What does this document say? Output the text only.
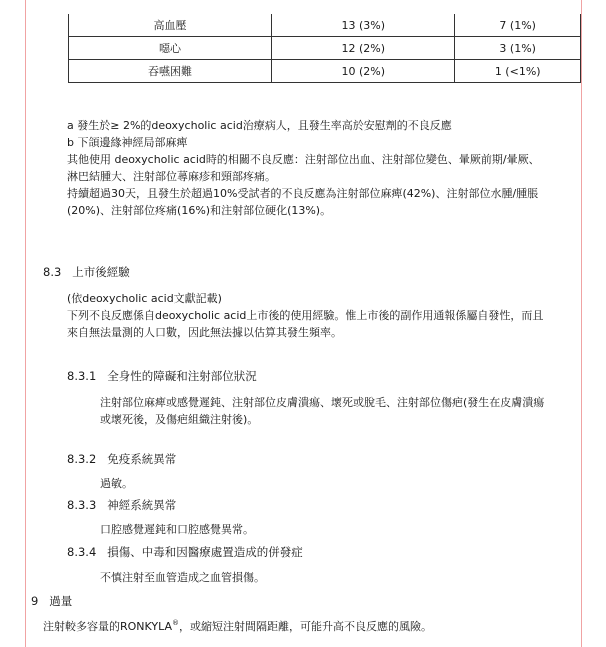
高血壓	13 (3%)	7 (1%)
噁心	12 (2%)	3 (1%)
吞嚥困難	10 (2%)	1 (<1%)
a 發生於≥ 2%的deoxycholic acid治療病人，且發生率高於安慰劑的不良反應
b 下頜邊緣神經局部麻痺
其他使用 deoxycholic acid時的相關不良反應：注射部位出血、注射部位變色、暈厥前期/暈厥、
淋巴結腫大、注射部位蕁麻疹和頸部疼痛。
持續超過30天，且發生於超過10%受試者的不良反應為注射部位麻痺(42%)、注射部位水腫/腫脹
(20%)、注射部位疼痛(16%)和注射部位硬化(13%)。
8.3 上市後經驗
(依deoxycholic acid文獻記載)
下列不良反應係自deoxycholic acid上市後的使用經驗。惟上市後的副作用通報係屬自發性，而且
來自無法量測的人口數，因此無法據以估算其發生頻率。
8.3.1 全身性的障礙和注射部位狀況
注射部位麻痺或感覺遲鈍、注射部位皮膚潰瘍、壞死或脫毛、注射部位傷疤(發生在皮膚潰瘍
或壞死後，及傷疤組織注射後)。
8.3.2 免疫系統異常
過敏。
8.3.3 神經系統異常
口腔感覺遲鈍和口腔感覺異常。
8.3.4 損傷、中毒和因醫療處置造成的併發症
不慎注射至血管造成之血管損傷。
9 過量
注射較多容量的RONKYLA®，或縮短注射間隔距離，可能升高不良反應的風險。
